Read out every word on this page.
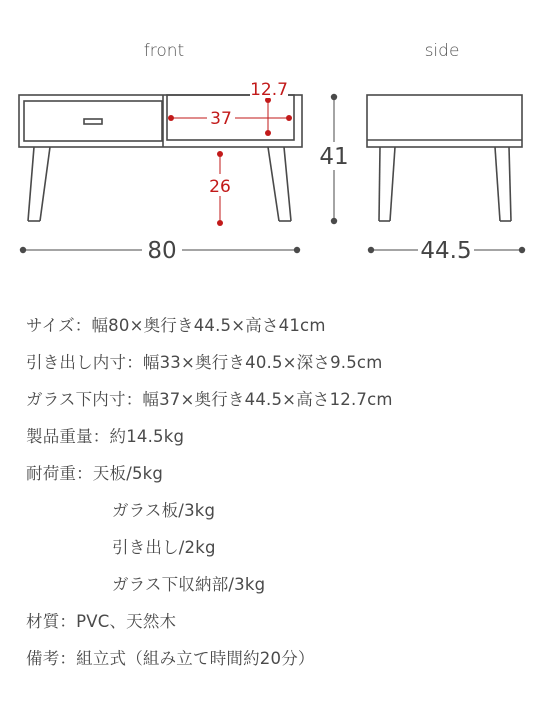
front	side
41
80	44.5
37
12.7
26
サイズ：幅80×奥行き44.5×高さ41cm
引き出し内寸：幅33×奥行き40.5×深さ9.5cm
ガラス下内寸：幅37×奥行き44.5×高さ12.7cm
製品重量：約14.5kg
耐荷重：天板/5kg
ガラス板/3kg
引き出し/2kg
ガラス下収納部/3kg
材質：PVC、天然木
備考：組立式（組み立て時間約20分）
